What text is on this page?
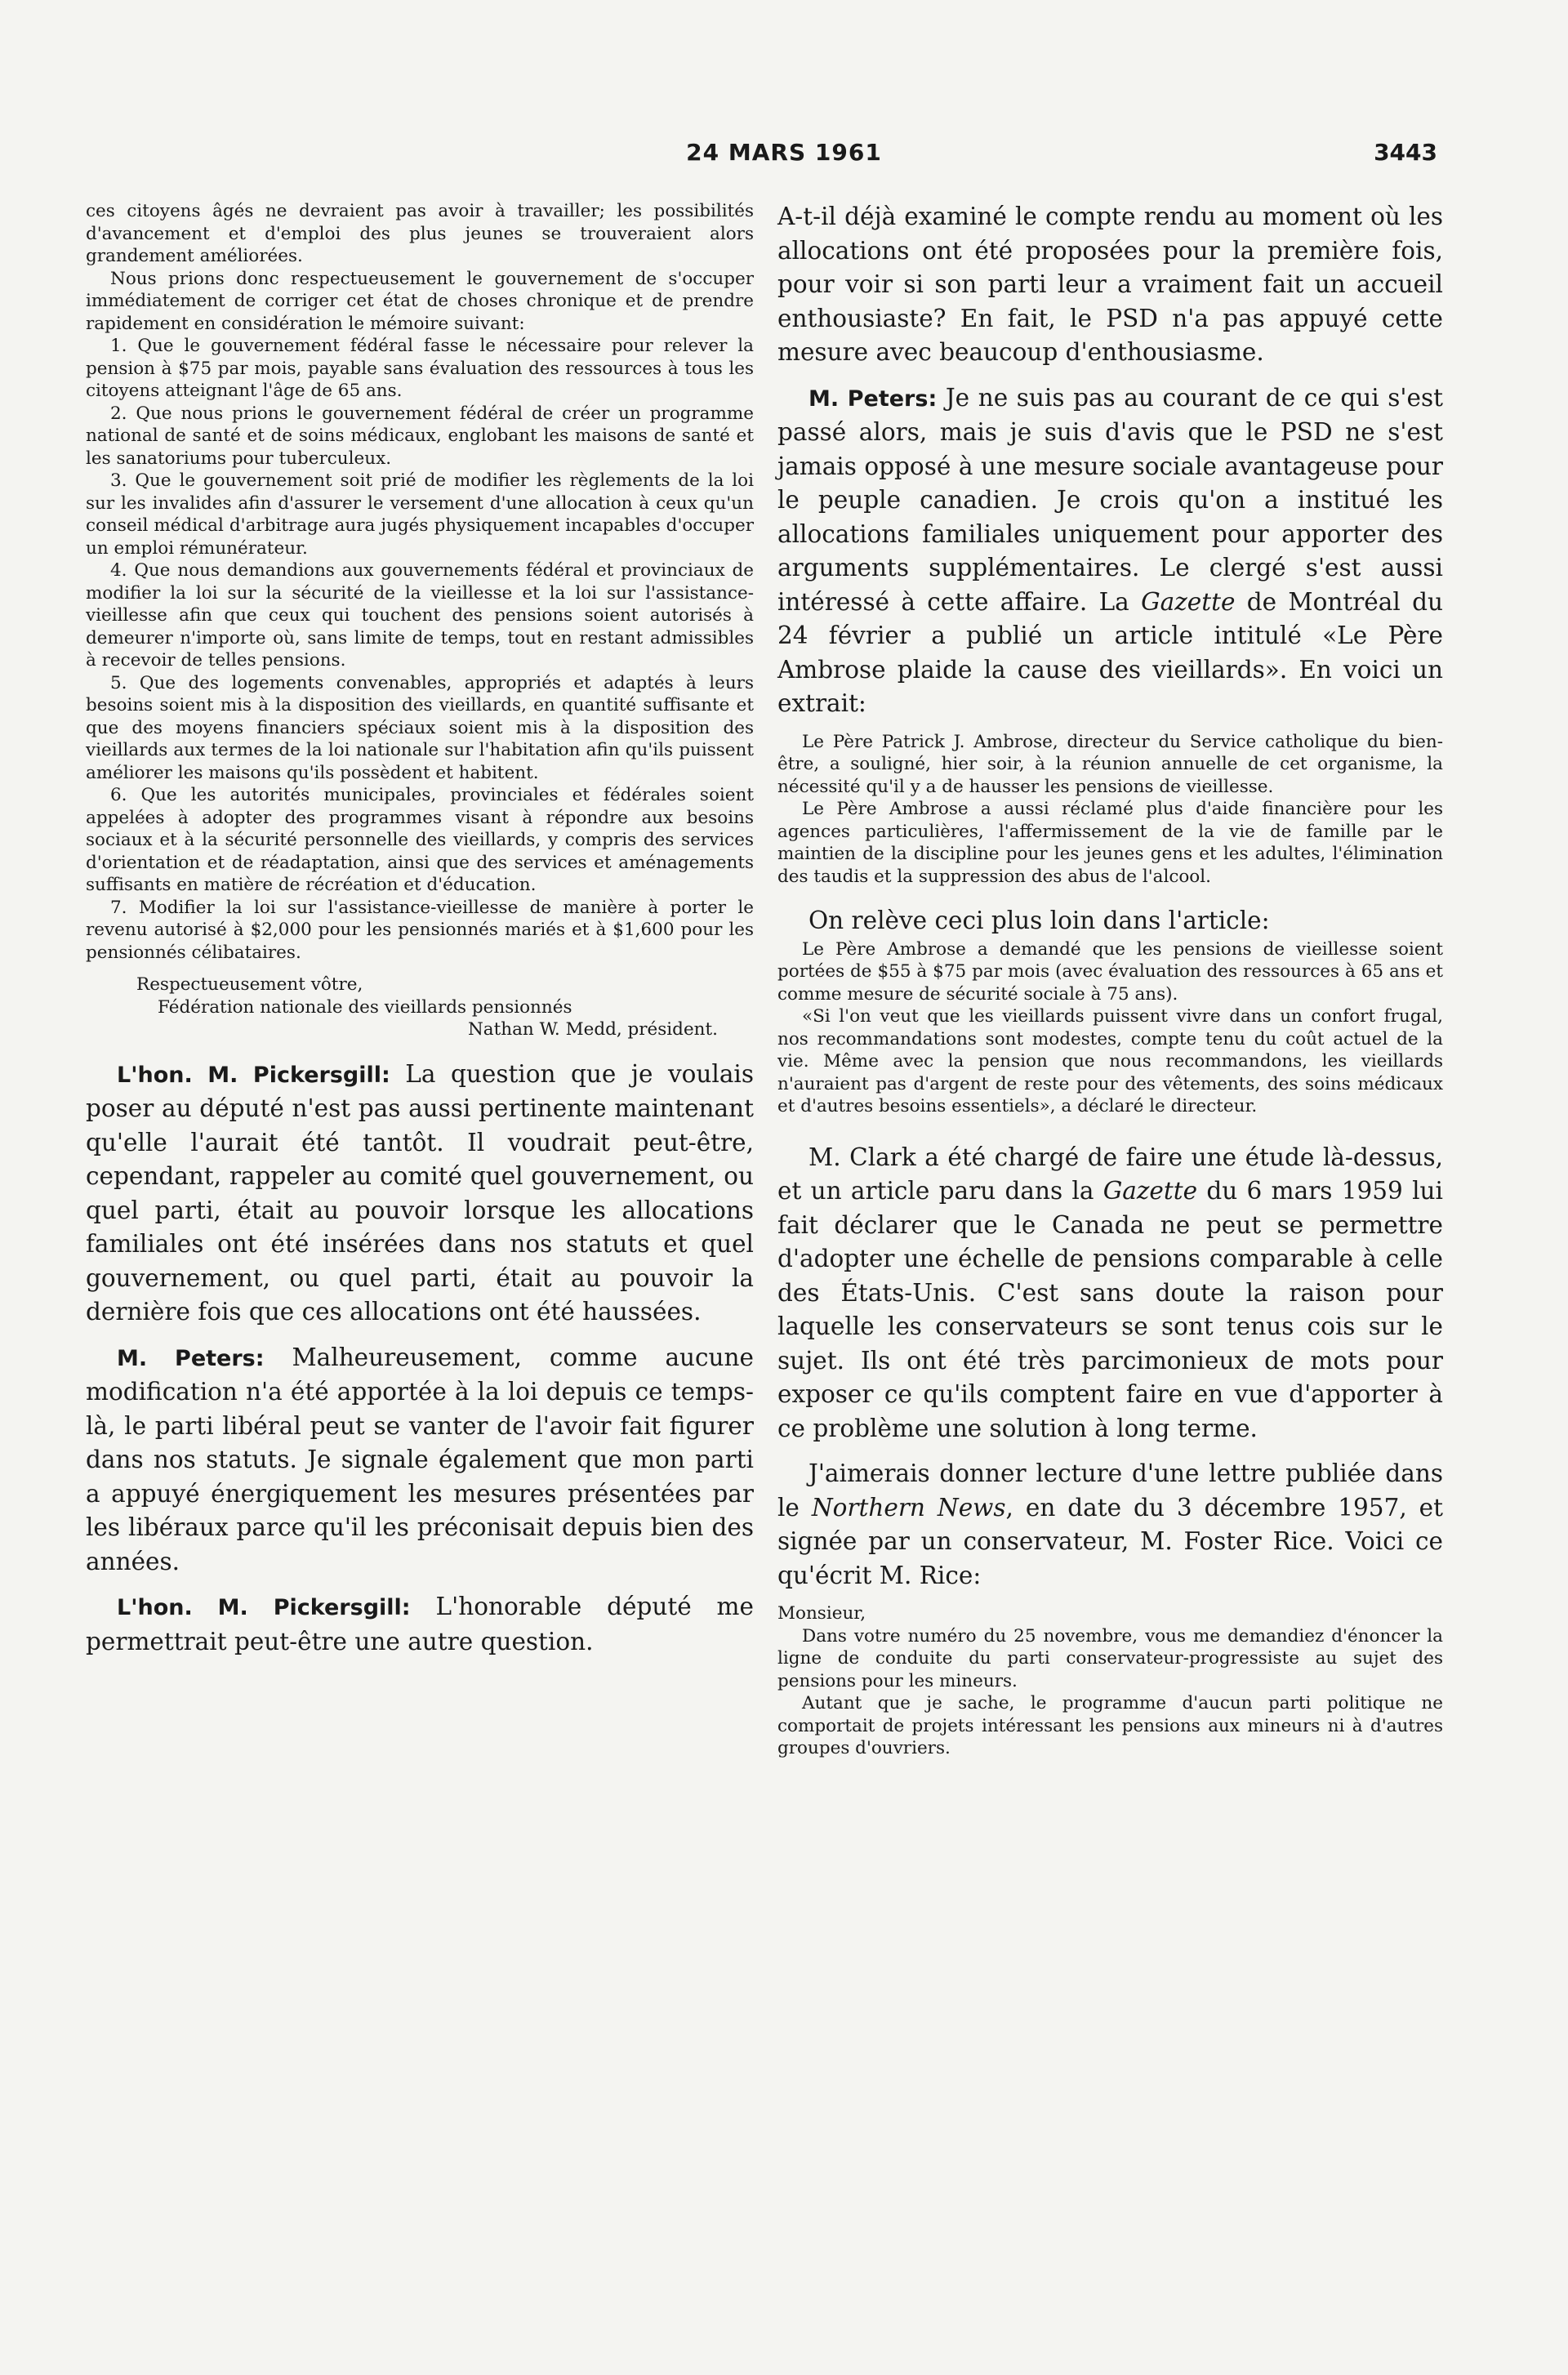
24 MARS 1961	3443

ces citoyens âgés ne devraient pas avoir à travailler; les possibilités d'avancement et d'emploi des plus jeunes se trouveraient alors grandement améliorées.

Nous prions donc respectueusement le gouvernement de s'occuper immédiatement de corriger cet état de choses chronique et de prendre rapidement en considération le mémoire suivant:

1. Que le gouvernement fédéral fasse le nécessaire pour relever la pension à $75 par mois, payable sans évaluation des ressources à tous les citoyens atteignant l'âge de 65 ans.

2. Que nous prions le gouvernement fédéral de créer un programme national de santé et de soins médicaux, englobant les maisons de santé et les sanatoriums pour tuberculeux.

3. Que le gouvernement soit prié de modifier les règlements de la loi sur les invalides afin d'assurer le versement d'une allocation à ceux qu'un conseil médical d'arbitrage aura jugés physiquement incapables d'occuper un emploi rémunérateur.

4. Que nous demandions aux gouvernements fédéral et provinciaux de modifier la loi sur la sécurité de la vieillesse et la loi sur l'assistance-vieillesse afin que ceux qui touchent des pensions soient autorisés à demeurer n'importe où, sans limite de temps, tout en restant admissibles à recevoir de telles pensions.

5. Que des logements convenables, appropriés et adaptés à leurs besoins soient mis à la disposition des vieillards, en quantité suffisante et que des moyens financiers spéciaux soient mis à la disposition des vieillards aux termes de la loi nationale sur l'habitation afin qu'ils puissent améliorer les maisons qu'ils possèdent et habitent.

6. Que les autorités municipales, provinciales et fédérales soient appelées à adopter des programmes visant à répondre aux besoins sociaux et à la sécurité personnelle des vieillards, y compris des services d'orientation et de réadaptation, ainsi que des services et aménagements suffisants en matière de récréation et d'éducation.

7. Modifier la loi sur l'assistance-vieillesse de manière à porter le revenu autorisé à $2,000 pour les pensionnés mariés et à $1,600 pour les pensionnés célibataires.

Respectueusement vôtre,

Fédération nationale des vieillards pensionnés

Nathan W. Medd, président.

L'hon. M. Pickersgill: La question que je voulais poser au député n'est pas aussi pertinente maintenant qu'elle l'aurait été tantôt. Il voudrait peut-être, cependant, rappeler au comité quel gouvernement, ou quel parti, était au pouvoir lorsque les allocations familiales ont été insérées dans nos statuts et quel gouvernement, ou quel parti, était au pouvoir la dernière fois que ces allocations ont été haussées.

M. Peters: Malheureusement, comme aucune modification n'a été apportée à la loi depuis ce temps-là, le parti libéral peut se vanter de l'avoir fait figurer dans nos statuts. Je signale également que mon parti a appuyé énergiquement les mesures présentées par les libéraux parce qu'il les préconisait depuis bien des années.

L'hon. M. Pickersgill: L'honorable député me permettrait peut-être une autre question.

A-t-il déjà examiné le compte rendu au moment où les allocations ont été proposées pour la première fois, pour voir si son parti leur a vraiment fait un accueil enthousiaste? En fait, le PSD n'a pas appuyé cette mesure avec beaucoup d'enthousiasme.

M. Peters: Je ne suis pas au courant de ce qui s'est passé alors, mais je suis d'avis que le PSD ne s'est jamais opposé à une mesure sociale avantageuse pour le peuple canadien. Je crois qu'on a institué les allocations familiales uniquement pour apporter des arguments supplémentaires. Le clergé s'est aussi intéressé à cette affaire. La Gazette de Montréal du 24 février a publié un article intitulé «Le Père Ambrose plaide la cause des vieillards». En voici un extrait:

Le Père Patrick J. Ambrose, directeur du Service catholique du bien-être, a souligné, hier soir, à la réunion annuelle de cet organisme, la nécessité qu'il y a de hausser les pensions de vieillesse.

Le Père Ambrose a aussi réclamé plus d'aide financière pour les agences particulières, l'affermissement de la vie de famille par le maintien de la discipline pour les jeunes gens et les adultes, l'élimination des taudis et la suppression des abus de l'alcool.

On relève ceci plus loin dans l'article:

Le Père Ambrose a demandé que les pensions de vieillesse soient portées de $55 à $75 par mois (avec évaluation des ressources à 65 ans et comme mesure de sécurité sociale à 75 ans).

«Si l'on veut que les vieillards puissent vivre dans un confort frugal, nos recommandations sont modestes, compte tenu du coût actuel de la vie. Même avec la pension que nous recommandons, les vieillards n'auraient pas d'argent de reste pour des vêtements, des soins médicaux et d'autres besoins essentiels», a déclaré le directeur.

M. Clark a été chargé de faire une étude là-dessus, et un article paru dans la Gazette du 6 mars 1959 lui fait déclarer que le Canada ne peut se permettre d'adopter une échelle de pensions comparable à celle des États-Unis. C'est sans doute la raison pour laquelle les conservateurs se sont tenus cois sur le sujet. Ils ont été très parcimonieux de mots pour exposer ce qu'ils comptent faire en vue d'apporter à ce problème une solution à long terme.

J'aimerais donner lecture d'une lettre publiée dans le Northern News, en date du 3 décembre 1957, et signée par un conservateur, M. Foster Rice. Voici ce qu'écrit M. Rice:

Monsieur,

Dans votre numéro du 25 novembre, vous me demandiez d'énoncer la ligne de conduite du parti conservateur-progressiste au sujet des pensions pour les mineurs.

Autant que je sache, le programme d'aucun parti politique ne comportait de projets intéressant les pensions aux mineurs ni à d'autres groupes d'ouvriers.
